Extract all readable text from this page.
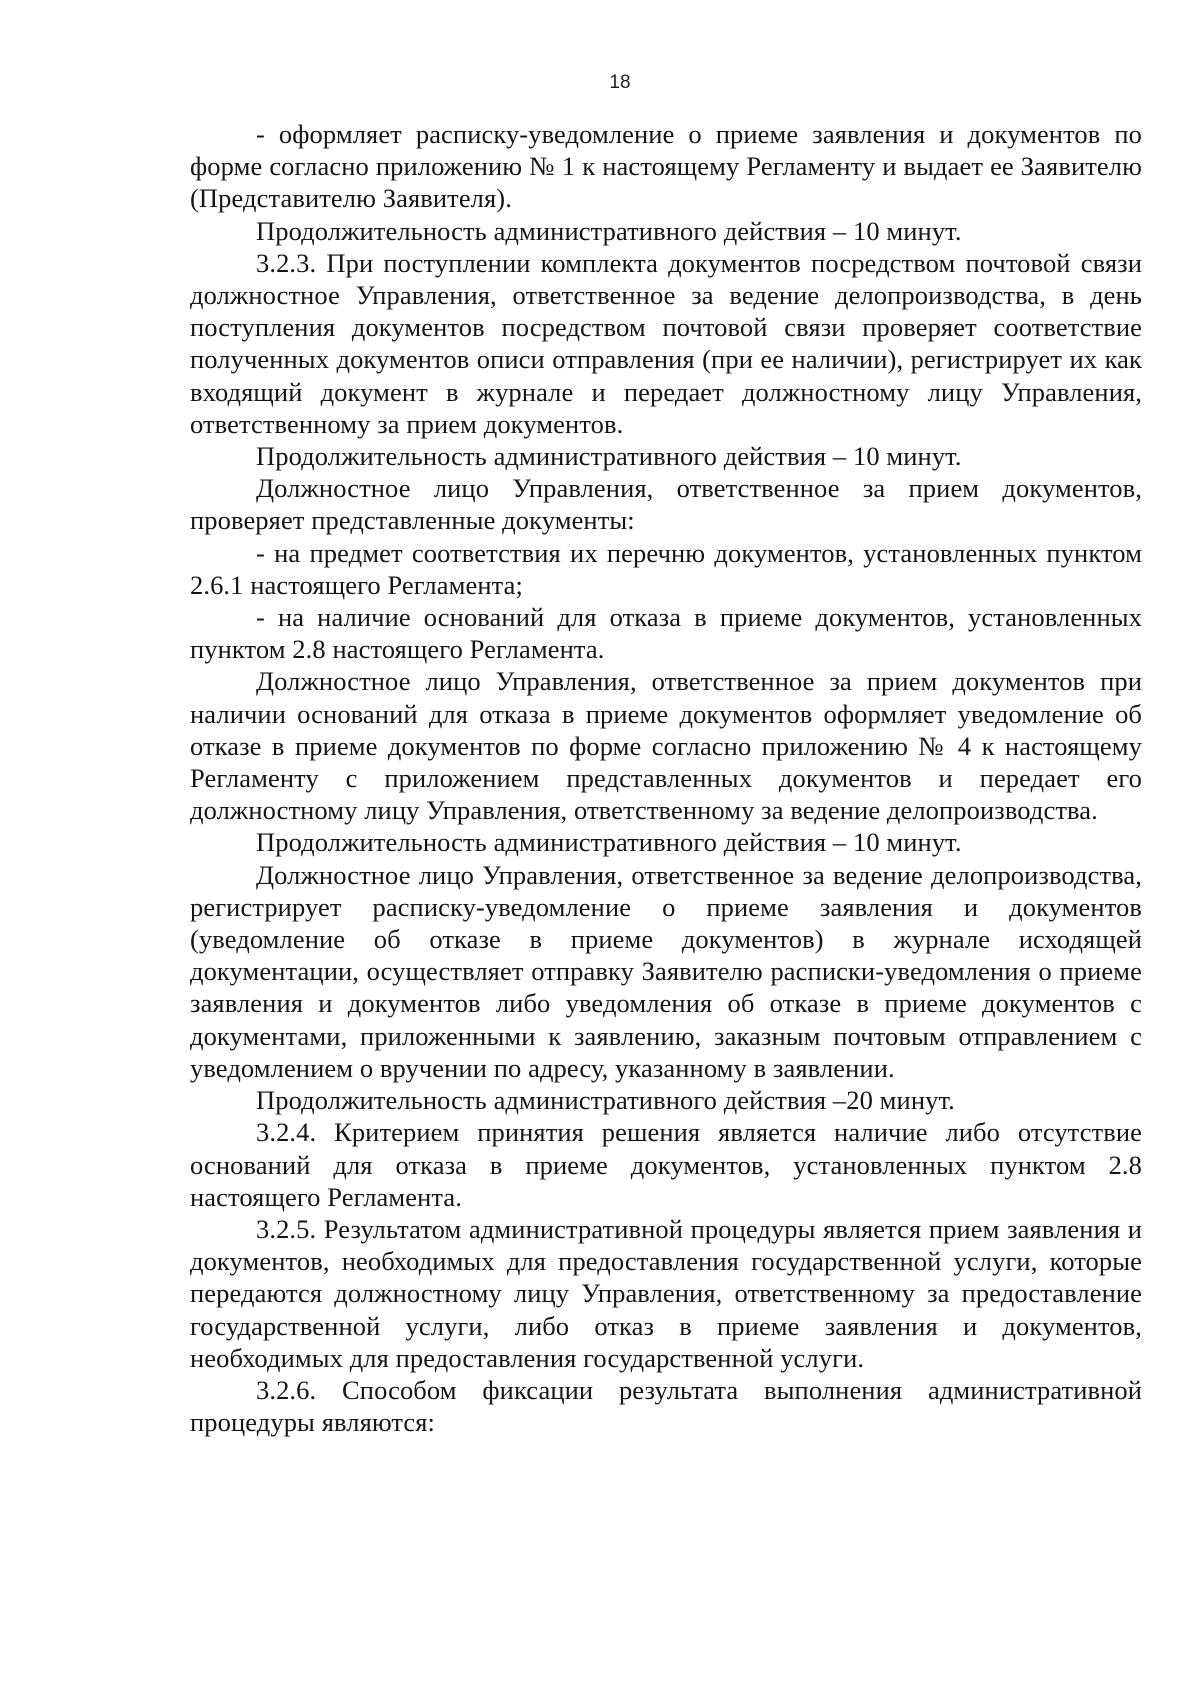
18

- оформляет расписку-уведомление о приеме заявления и документов по форме согласно приложению № 1 к настоящему Регламенту и выдает ее Заявителю (Представителю Заявителя).

Продолжительность административного действия – 10 минут.

3.2.3. При поступлении комплекта документов посредством почтовой связи должностное Управления, ответственное за ведение делопроизводства, в день поступления документов посредством почтовой связи проверяет соответствие полученных документов описи отправления (при ее наличии), регистрирует их как входящий документ в журнале и передает должностному лицу Управления, ответственному за прием документов.

Продолжительность административного действия – 10 минут.

Должностное лицо Управления, ответственное за прием документов, проверяет представленные документы:

- на предмет соответствия их перечню документов, установленных пунктом 2.6.1 настоящего Регламента;

- на наличие оснований для отказа в приеме документов, установленных пунктом 2.8 настоящего Регламента.

Должностное лицо Управления, ответственное за прием документов при наличии оснований для отказа в приеме документов оформляет уведомление об отказе в приеме документов по форме согласно приложению № 4 к настоящему Регламенту с приложением представленных документов и передает его должностному лицу Управления, ответственному за ведение делопроизводства.

Продолжительность административного действия – 10 минут.

Должностное лицо Управления, ответственное за ведение делопроизводства, регистрирует расписку-уведомление о приеме заявления и документов (уведомление об отказе в приеме документов) в журнале исходящей документации, осуществляет отправку Заявителю расписки-уведомления о приеме заявления и документов либо уведомления об отказе в приеме документов с документами, приложенными к заявлению, заказным почтовым отправлением с уведомлением о вручении по адресу, указанному в заявлении.

Продолжительность административного действия –20 минут.

3.2.4. Критерием принятия решения является наличие либо отсутствие оснований для отказа в приеме документов, установленных пунктом 2.8 настоящего Регламента.

3.2.5. Результатом административной процедуры является прием заявления и документов, необходимых для предоставления государственной услуги, которые передаются должностному лицу Управления, ответственному за предоставление государственной услуги, либо отказ в приеме заявления и документов, необходимых для предоставления государственной услуги.

3.2.6. Способом фиксации результата выполнения административной процедуры являются:
